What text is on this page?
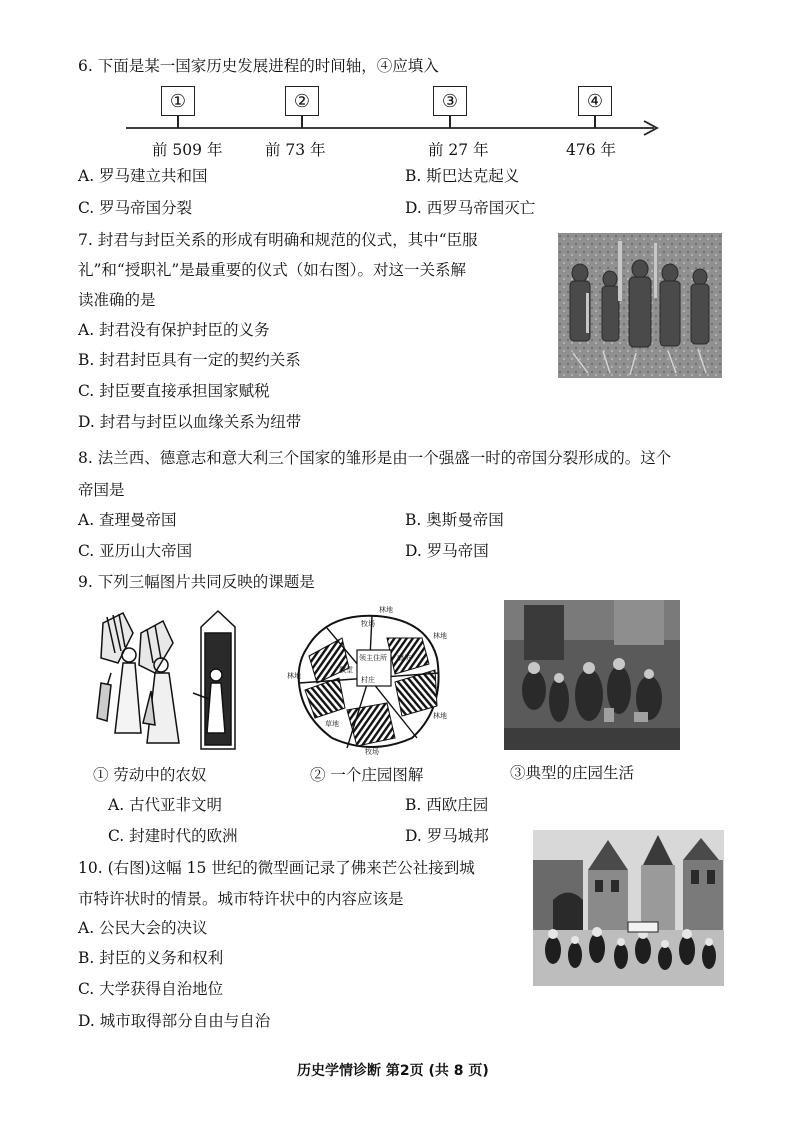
6. 下面是某一国家历史发展进程的时间轴，④应填入
①	②	③	④
前 509 年	前 73 年	前 27 年	476 年
A. 罗马建立共和国	B. 斯巴达克起义
C. 罗马帝国分裂	D. 西罗马帝国灭亡
7. 封君与封臣关系的形成有明确和规范的仪式，其中“臣服
礼”和“授职礼”是最重要的仪式（如右图）。对这一关系解
读准确的是
A. 封君没有保护封臣的义务
B. 封君封臣具有一定的契约关系
C. 封臣要直接承担国家赋税
D. 封君与封臣以血缘关系为纽带
8. 法兰西、德意志和意大利三个国家的雏形是由一个强盛一时的帝国分裂形成的。这个
帝国是
A. 查理曼帝国	B. 奥斯曼帝国
C. 亚历山大帝国	D. 罗马帝国
9. 下列三幅图片共同反映的课题是
林地
牧场
领主住所
教堂
村庄
磨坊
林地
林地
草地
林地
牧场
① 劳动中的农奴	② 一个庄园图解	③典型的庄园生活
A. 古代亚非文明	B. 西欧庄园
C. 封建时代的欧洲	D. 罗马城邦
10. (右图)这幅 15 世纪的微型画记录了佛来芒公社接到城
市特许状时的情景。城市特许状中的内容应该是
A. 公民大会的决议
B. 封臣的义务和权利
C. 大学获得自治地位
D. 城市取得部分自由与自治
历史学情诊断 第2页 (共 8 页)
